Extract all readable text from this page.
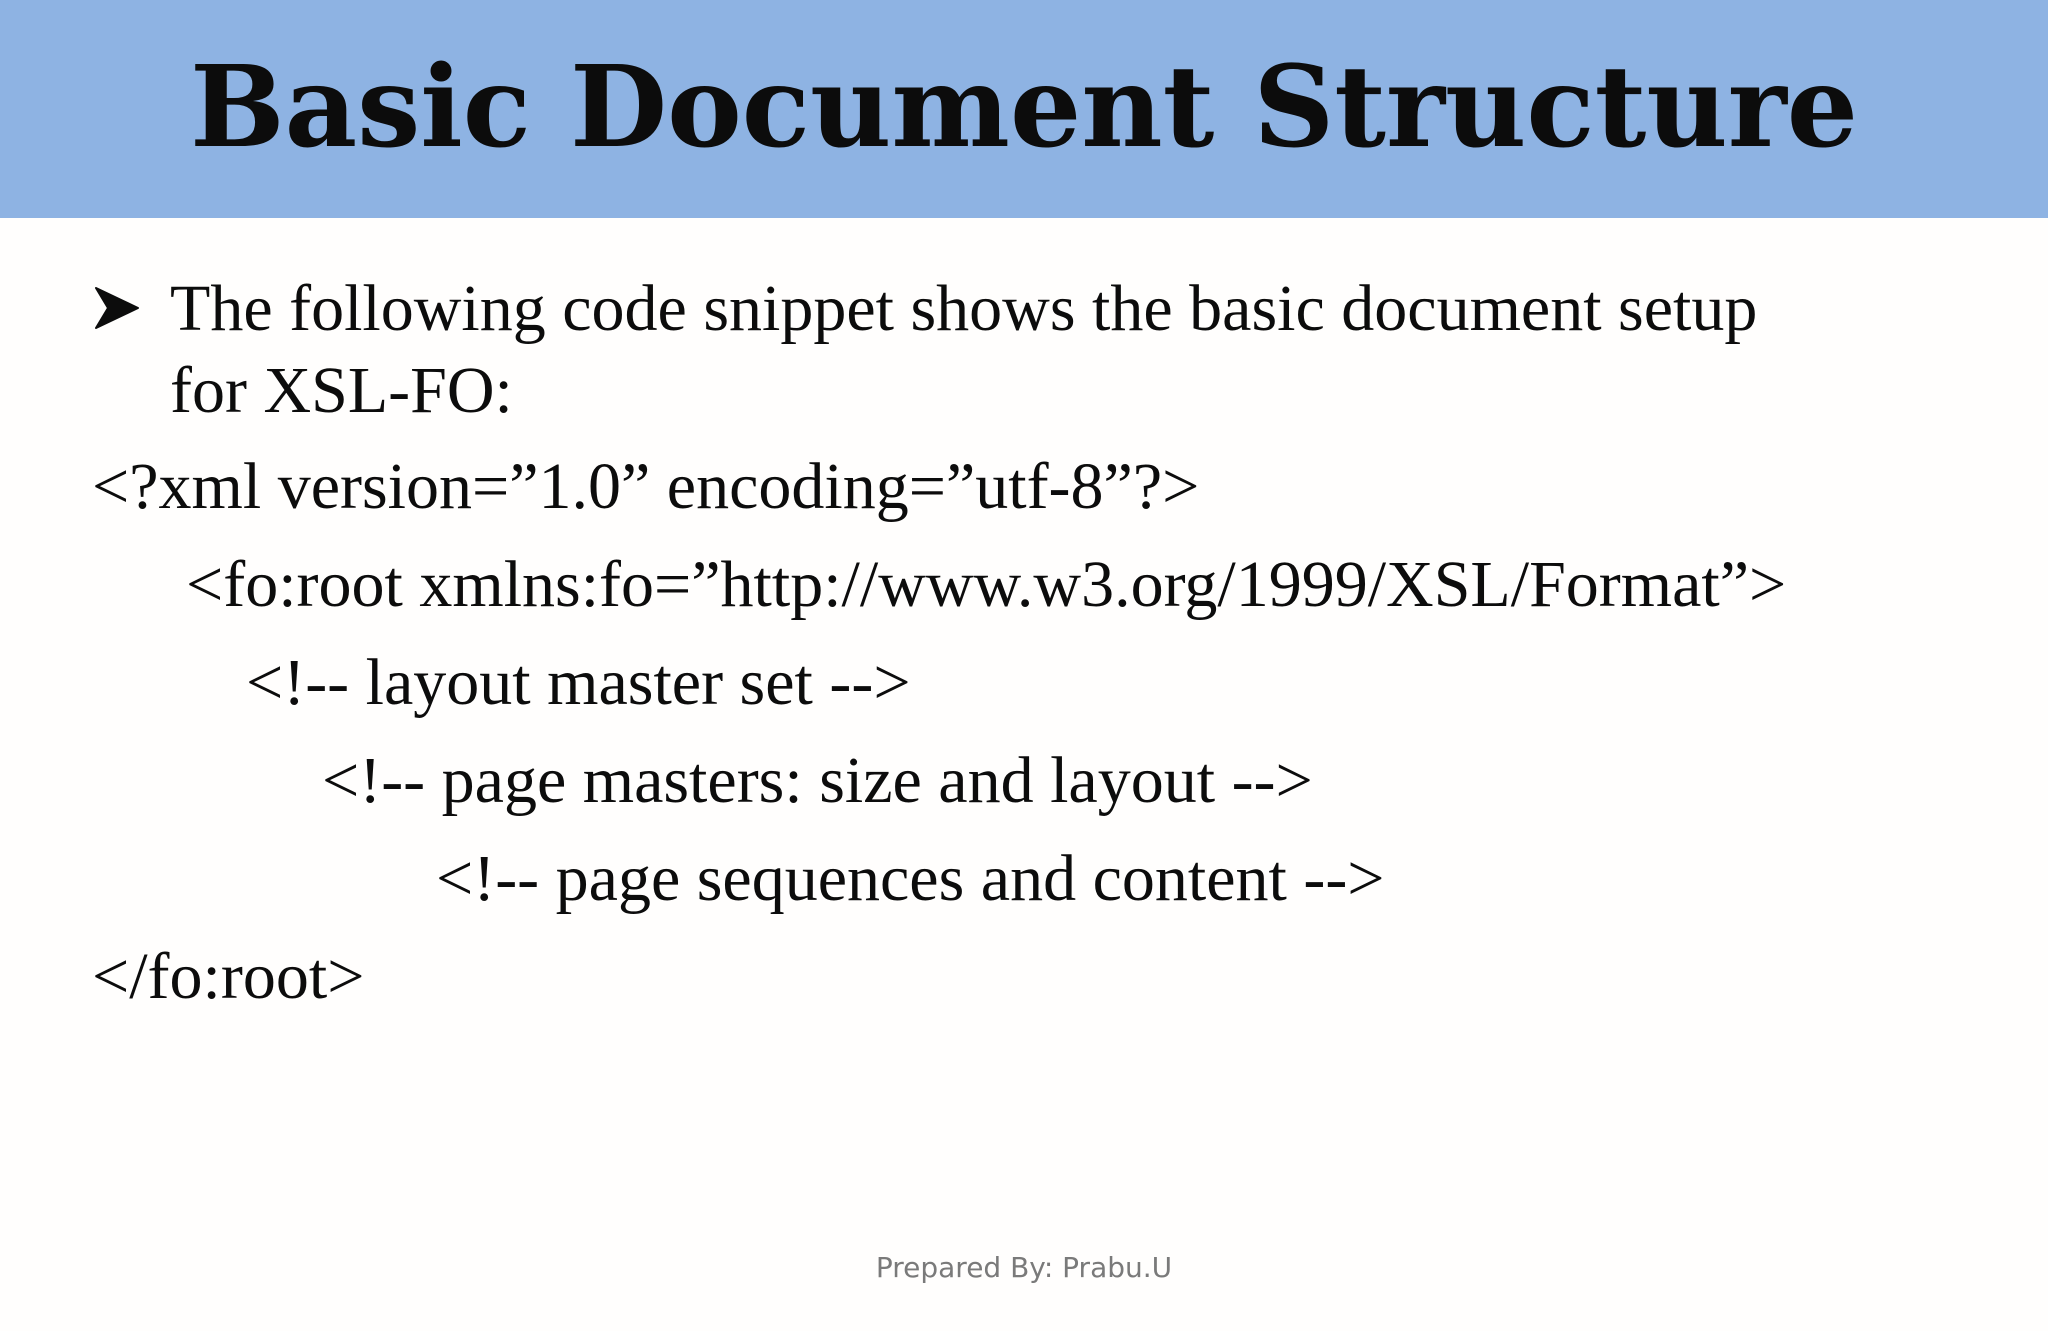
Basic Document Structure
The following code snippet shows the basic document setup
for XSL-FO:
<?xml version=”1.0” encoding=”utf-8”?>
<fo:root xmlns:fo=”http://www.w3.org/1999/XSL/Format”>
<!-- layout master set -->
<!-- page masters: size and layout -->
<!-- page sequences and content -->
</fo:root>
Prepared By: Prabu.U
